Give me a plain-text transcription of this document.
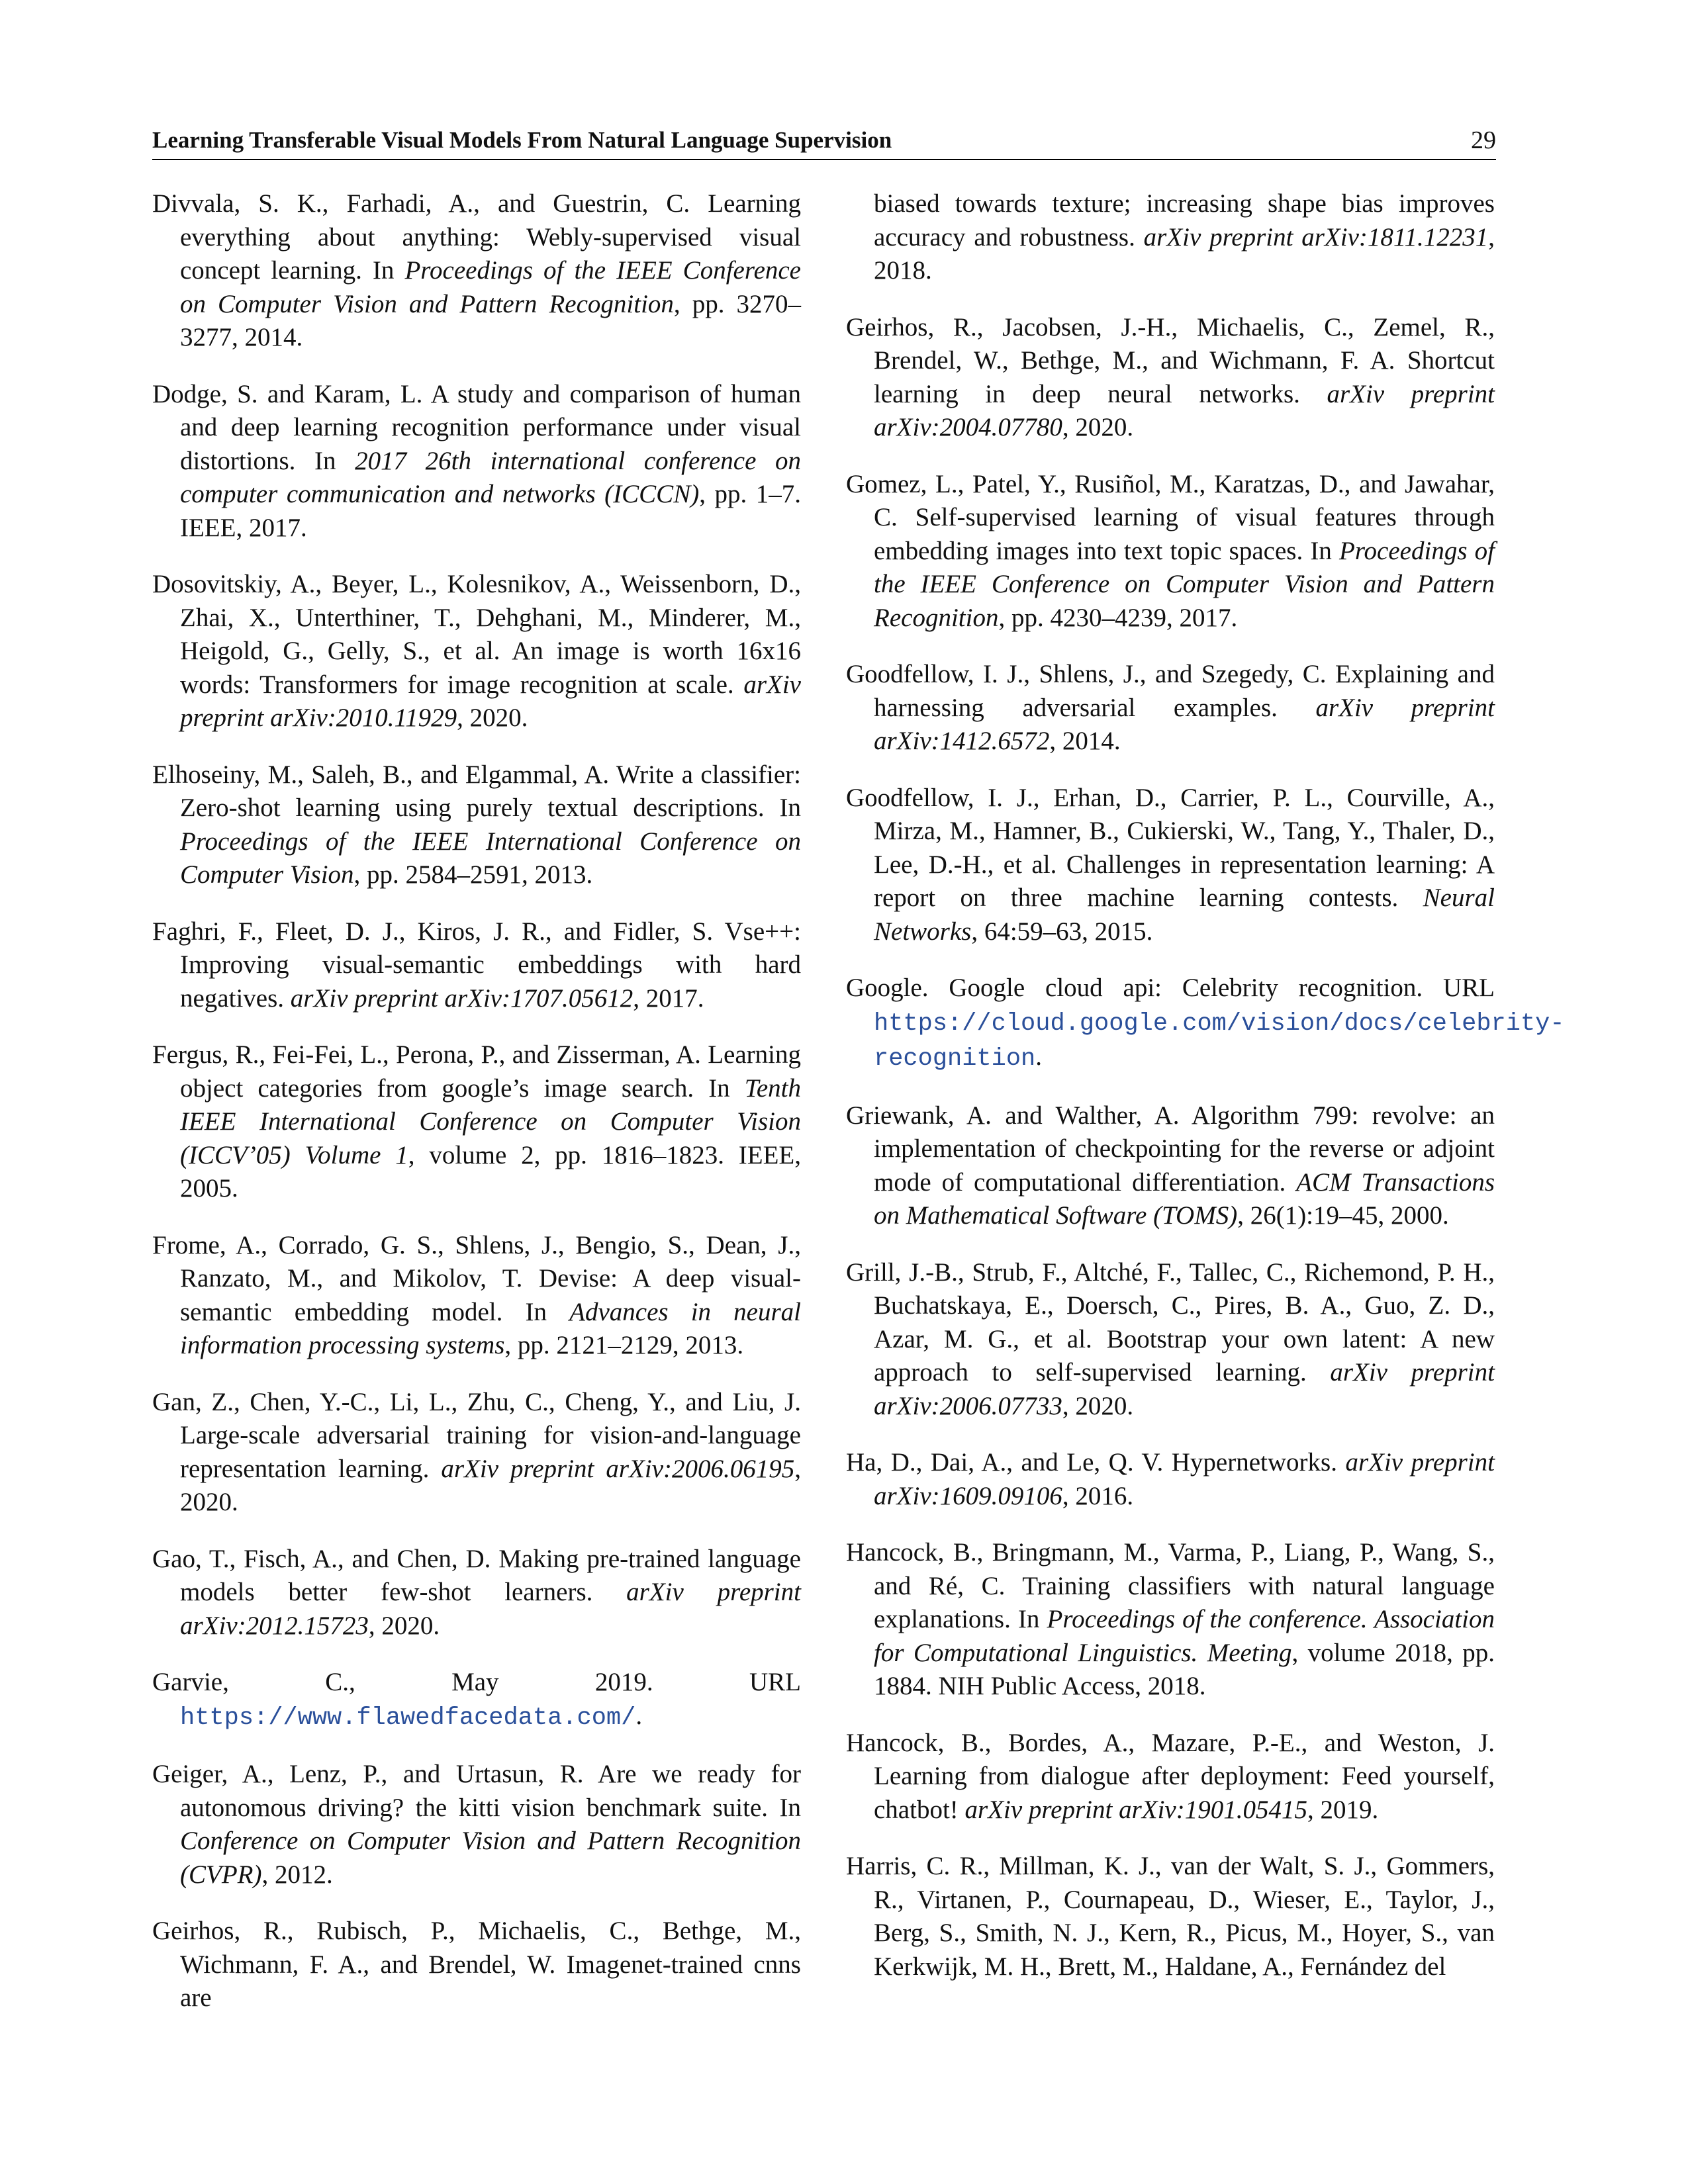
Learning Transferable Visual Models From Natural Language Supervision	29

Divvala, S. K., Farhadi, A., and Guestrin, C. Learning everything about anything: Webly-supervised visual concept learning. In Proceedings of the IEEE Conference on Computer Vision and Pattern Recognition, pp. 3270–3277, 2014.

Dodge, S. and Karam, L. A study and comparison of human and deep learning recognition performance under visual distortions. In 2017 26th international conference on computer communication and networks (ICCCN), pp. 1–7. IEEE, 2017.

Dosovitskiy, A., Beyer, L., Kolesnikov, A., Weissenborn, D., Zhai, X., Unterthiner, T., Dehghani, M., Minderer, M., Heigold, G., Gelly, S., et al. An image is worth 16x16 words: Transformers for image recognition at scale. arXiv preprint arXiv:2010.11929, 2020.

Elhoseiny, M., Saleh, B., and Elgammal, A. Write a classifier: Zero-shot learning using purely textual descriptions. In Proceedings of the IEEE International Conference on Computer Vision, pp. 2584–2591, 2013.

Faghri, F., Fleet, D. J., Kiros, J. R., and Fidler, S. Vse++: Improving visual-semantic embeddings with hard negatives. arXiv preprint arXiv:1707.05612, 2017.

Fergus, R., Fei-Fei, L., Perona, P., and Zisserman, A. Learning object categories from google’s image search. In Tenth IEEE International Conference on Computer Vision (ICCV’05) Volume 1, volume 2, pp. 1816–1823. IEEE, 2005.

Frome, A., Corrado, G. S., Shlens, J., Bengio, S., Dean, J., Ranzato, M., and Mikolov, T. Devise: A deep visual-semantic embedding model. In Advances in neural information processing systems, pp. 2121–2129, 2013.

Gan, Z., Chen, Y.-C., Li, L., Zhu, C., Cheng, Y., and Liu, J. Large-scale adversarial training for vision-and-language representation learning. arXiv preprint arXiv:2006.06195, 2020.

Gao, T., Fisch, A., and Chen, D. Making pre-trained language models better few-shot learners. arXiv preprint arXiv:2012.15723, 2020.

Garvie, C., May 2019. URL https://www.flawedfacedata.com/.

Geiger, A., Lenz, P., and Urtasun, R. Are we ready for autonomous driving? the kitti vision benchmark suite. In Conference on Computer Vision and Pattern Recognition (CVPR), 2012.

Geirhos, R., Rubisch, P., Michaelis, C., Bethge, M., Wichmann, F. A., and Brendel, W. Imagenet-trained cnns are

biased towards texture; increasing shape bias improves accuracy and robustness. arXiv preprint arXiv:1811.12231, 2018.

Geirhos, R., Jacobsen, J.-H., Michaelis, C., Zemel, R., Brendel, W., Bethge, M., and Wichmann, F. A. Shortcut learning in deep neural networks. arXiv preprint arXiv:2004.07780, 2020.

Gomez, L., Patel, Y., Rusiñol, M., Karatzas, D., and Jawahar, C. Self-supervised learning of visual features through embedding images into text topic spaces. In Proceedings of the IEEE Conference on Computer Vision and Pattern Recognition, pp. 4230–4239, 2017.

Goodfellow, I. J., Shlens, J., and Szegedy, C. Explaining and harnessing adversarial examples. arXiv preprint arXiv:1412.6572, 2014.

Goodfellow, I. J., Erhan, D., Carrier, P. L., Courville, A., Mirza, M., Hamner, B., Cukierski, W., Tang, Y., Thaler, D., Lee, D.-H., et al. Challenges in representation learning: A report on three machine learning contests. Neural Networks, 64:59–63, 2015.

Google. Google cloud api: Celebrity recognition. URL https://cloud.google.com/vision/docs/celebrity-recognition.

Griewank, A. and Walther, A. Algorithm 799: revolve: an implementation of checkpointing for the reverse or adjoint mode of computational differentiation. ACM Transactions on Mathematical Software (TOMS), 26(1):19–45, 2000.

Grill, J.-B., Strub, F., Altché, F., Tallec, C., Richemond, P. H., Buchatskaya, E., Doersch, C., Pires, B. A., Guo, Z. D., Azar, M. G., et al. Bootstrap your own latent: A new approach to self-supervised learning. arXiv preprint arXiv:2006.07733, 2020.

Ha, D., Dai, A., and Le, Q. V. Hypernetworks. arXiv preprint arXiv:1609.09106, 2016.

Hancock, B., Bringmann, M., Varma, P., Liang, P., Wang, S., and Ré, C. Training classifiers with natural language explanations. In Proceedings of the conference. Association for Computational Linguistics. Meeting, volume 2018, pp. 1884. NIH Public Access, 2018.

Hancock, B., Bordes, A., Mazare, P.-E., and Weston, J. Learning from dialogue after deployment: Feed yourself, chatbot! arXiv preprint arXiv:1901.05415, 2019.

Harris, C. R., Millman, K. J., van der Walt, S. J., Gommers, R., Virtanen, P., Cournapeau, D., Wieser, E., Taylor, J., Berg, S., Smith, N. J., Kern, R., Picus, M., Hoyer, S., van Kerkwijk, M. H., Brett, M., Haldane, A., Fernández del
